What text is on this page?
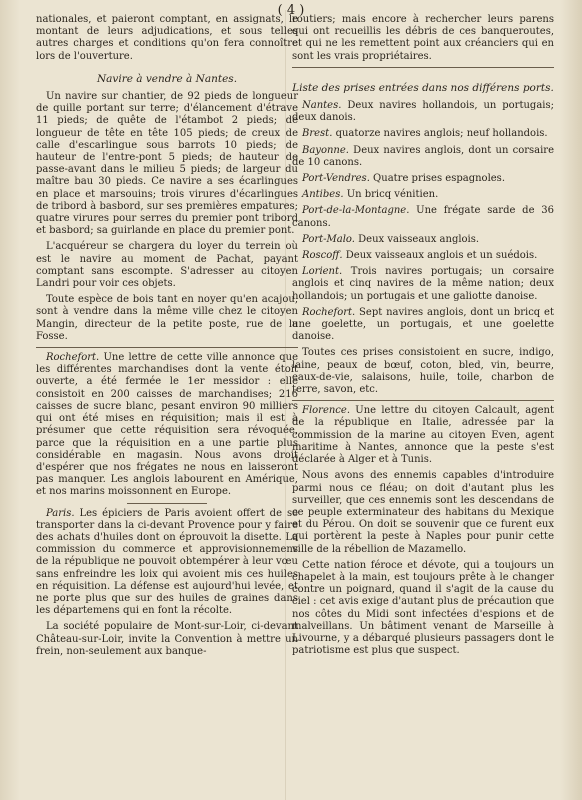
( 4 )

nationales, et paieront comptant, en assignats, le montant de leurs adjudications, et sous telles autres charges et conditions qu'on fera connoître lors de l'ouverture.

Navire à vendre à Nantes.

Un navire sur chantier, de 92 pieds de longueur de quille portant sur terre; d'élancement d'étrave 11 pieds; de quête de l'étambot 2 pieds; de longueur de tête en tête 105 pieds; de creux de calle d'escarlingue sous barrots 10 pieds; de hauteur de l'entre-pont 5 pieds; de hauteur de passe-avant dans le milieu 5 pieds; de largeur du maître bau 30 pieds. Ce navire a ses écarlingues en place et marsouins; trois virures d'écarlingues de tribord à basbord, sur ses premières empatures; quatre virures pour serres du premier pont tribord et basbord; sa guirlande en place du premier pont.

L'acquéreur se chargera du loyer du terrein où est le navire au moment de Pachat, payant comptant sans escompte. S'adresser au citoyen Landri pour voir ces objets.

Toute espèce de bois tant en noyer qu'en acajou, sont à vendre dans la même ville chez le citoyen Mangin, directeur de la petite poste, rue de la Fosse.

Rochefort. Une lettre de cette ville annonce que les différentes marchandises dont la vente étoit ouverte, a été fermée le 1er messidor : elle consistoit en 200 caisses de marchandises; 216 caisses de sucre blanc, pesant environ 90 milliers qui ont été mises en réquisition; mais il est à présumer que cette réquisition sera révoquée, parce que la réquisition en a une partie plus considérable en magasin. Nous avons droit d'espérer que nos frégates ne nous en laisseront pas manquer. Les anglois labourent en Amérique, et nos marins moissonnent en Europe.

Paris. Les épiciers de Paris avoient offert de se transporter dans la ci-devant Provence pour y faire des achats d'huiles dont on éprouvoit la disette. La commission du commerce et approvisionnemens de la république ne pouvoit obtempérer à leur vœu sans enfreindre les loix qui avoient mis ces huiles en réquisition. La défense est aujourd'hui levée, et ne porte plus que sur des huiles de graines dans les départemens qui en font la récolte.

La société populaire de Mont-sur-Loir, ci-devant Château-sur-Loir, invite la Convention à mettre un frein, non-seulement aux banque-

routiers; mais encore à rechercher leurs parens qui ont recueillis les débris de ces banqueroutes, et qui ne les remettent point aux créanciers qui en sont les vrais propriétaires.

Liste des prises entrées dans nos différens ports.

Nantes. Deux navires hollandois, un portugais; deux danois.

Brest. quatorze navires anglois; neuf hollandois.

Bayonne. Deux navires anglois, dont un corsaire de 10 canons.

Port-Vendres. Quatre prises espagnoles.

Antibes. Un bricq vénitien.

Port-de-la-Montagne. Une frégate sarde de 36 canons.

Port-Malo. Deux vaisseaux anglois.

Roscoff. Deux vaisseaux anglois et un suédois.

Lorient. Trois navires portugais; un corsaire anglois et cinq navires de la même nation; deux hollandois; un portugais et une galiotte danoise.

Rochefort. Sept navires anglois, dont un bricq et une goelette, un portugais, et une goelette danoise.

Toutes ces prises consistoient en sucre, indigo, laine, peaux de bœuf, coton, bled, vin, beurre, eaux-de-vie, salaisons, huile, toile, charbon de terre, savon, etc.

Florence. Une lettre du citoyen Calcault, agent de la république en Italie, adressée par la commission de la marine au citoyen Even, agent maritime à Nantes, annonce que la peste s'est déclarée à Alger et à Tunis.

Nous avons des ennemis capables d'introduire parmi nous ce fléau; on doit d'autant plus les surveiller, que ces ennemis sont les descendans de ce peuple exterminateur des habitans du Mexique et du Pérou. On doit se souvenir que ce furent eux qui portèrent la peste à Naples pour punir cette ville de la rébellion de Mazamello.

Cette nation féroce et dévote, qui a toujours un chapelet à la main, est toujours prête à le changer contre un poignard, quand il s'agit de la cause du ciel : cet avis exige d'autant plus de précaution que nos côtes du Midi sont infectées d'espions et de malveillans. Un bâtiment venant de Marseille à Livourne, y a débarqué plusieurs passagers dont le patriotisme est plus que suspect.
